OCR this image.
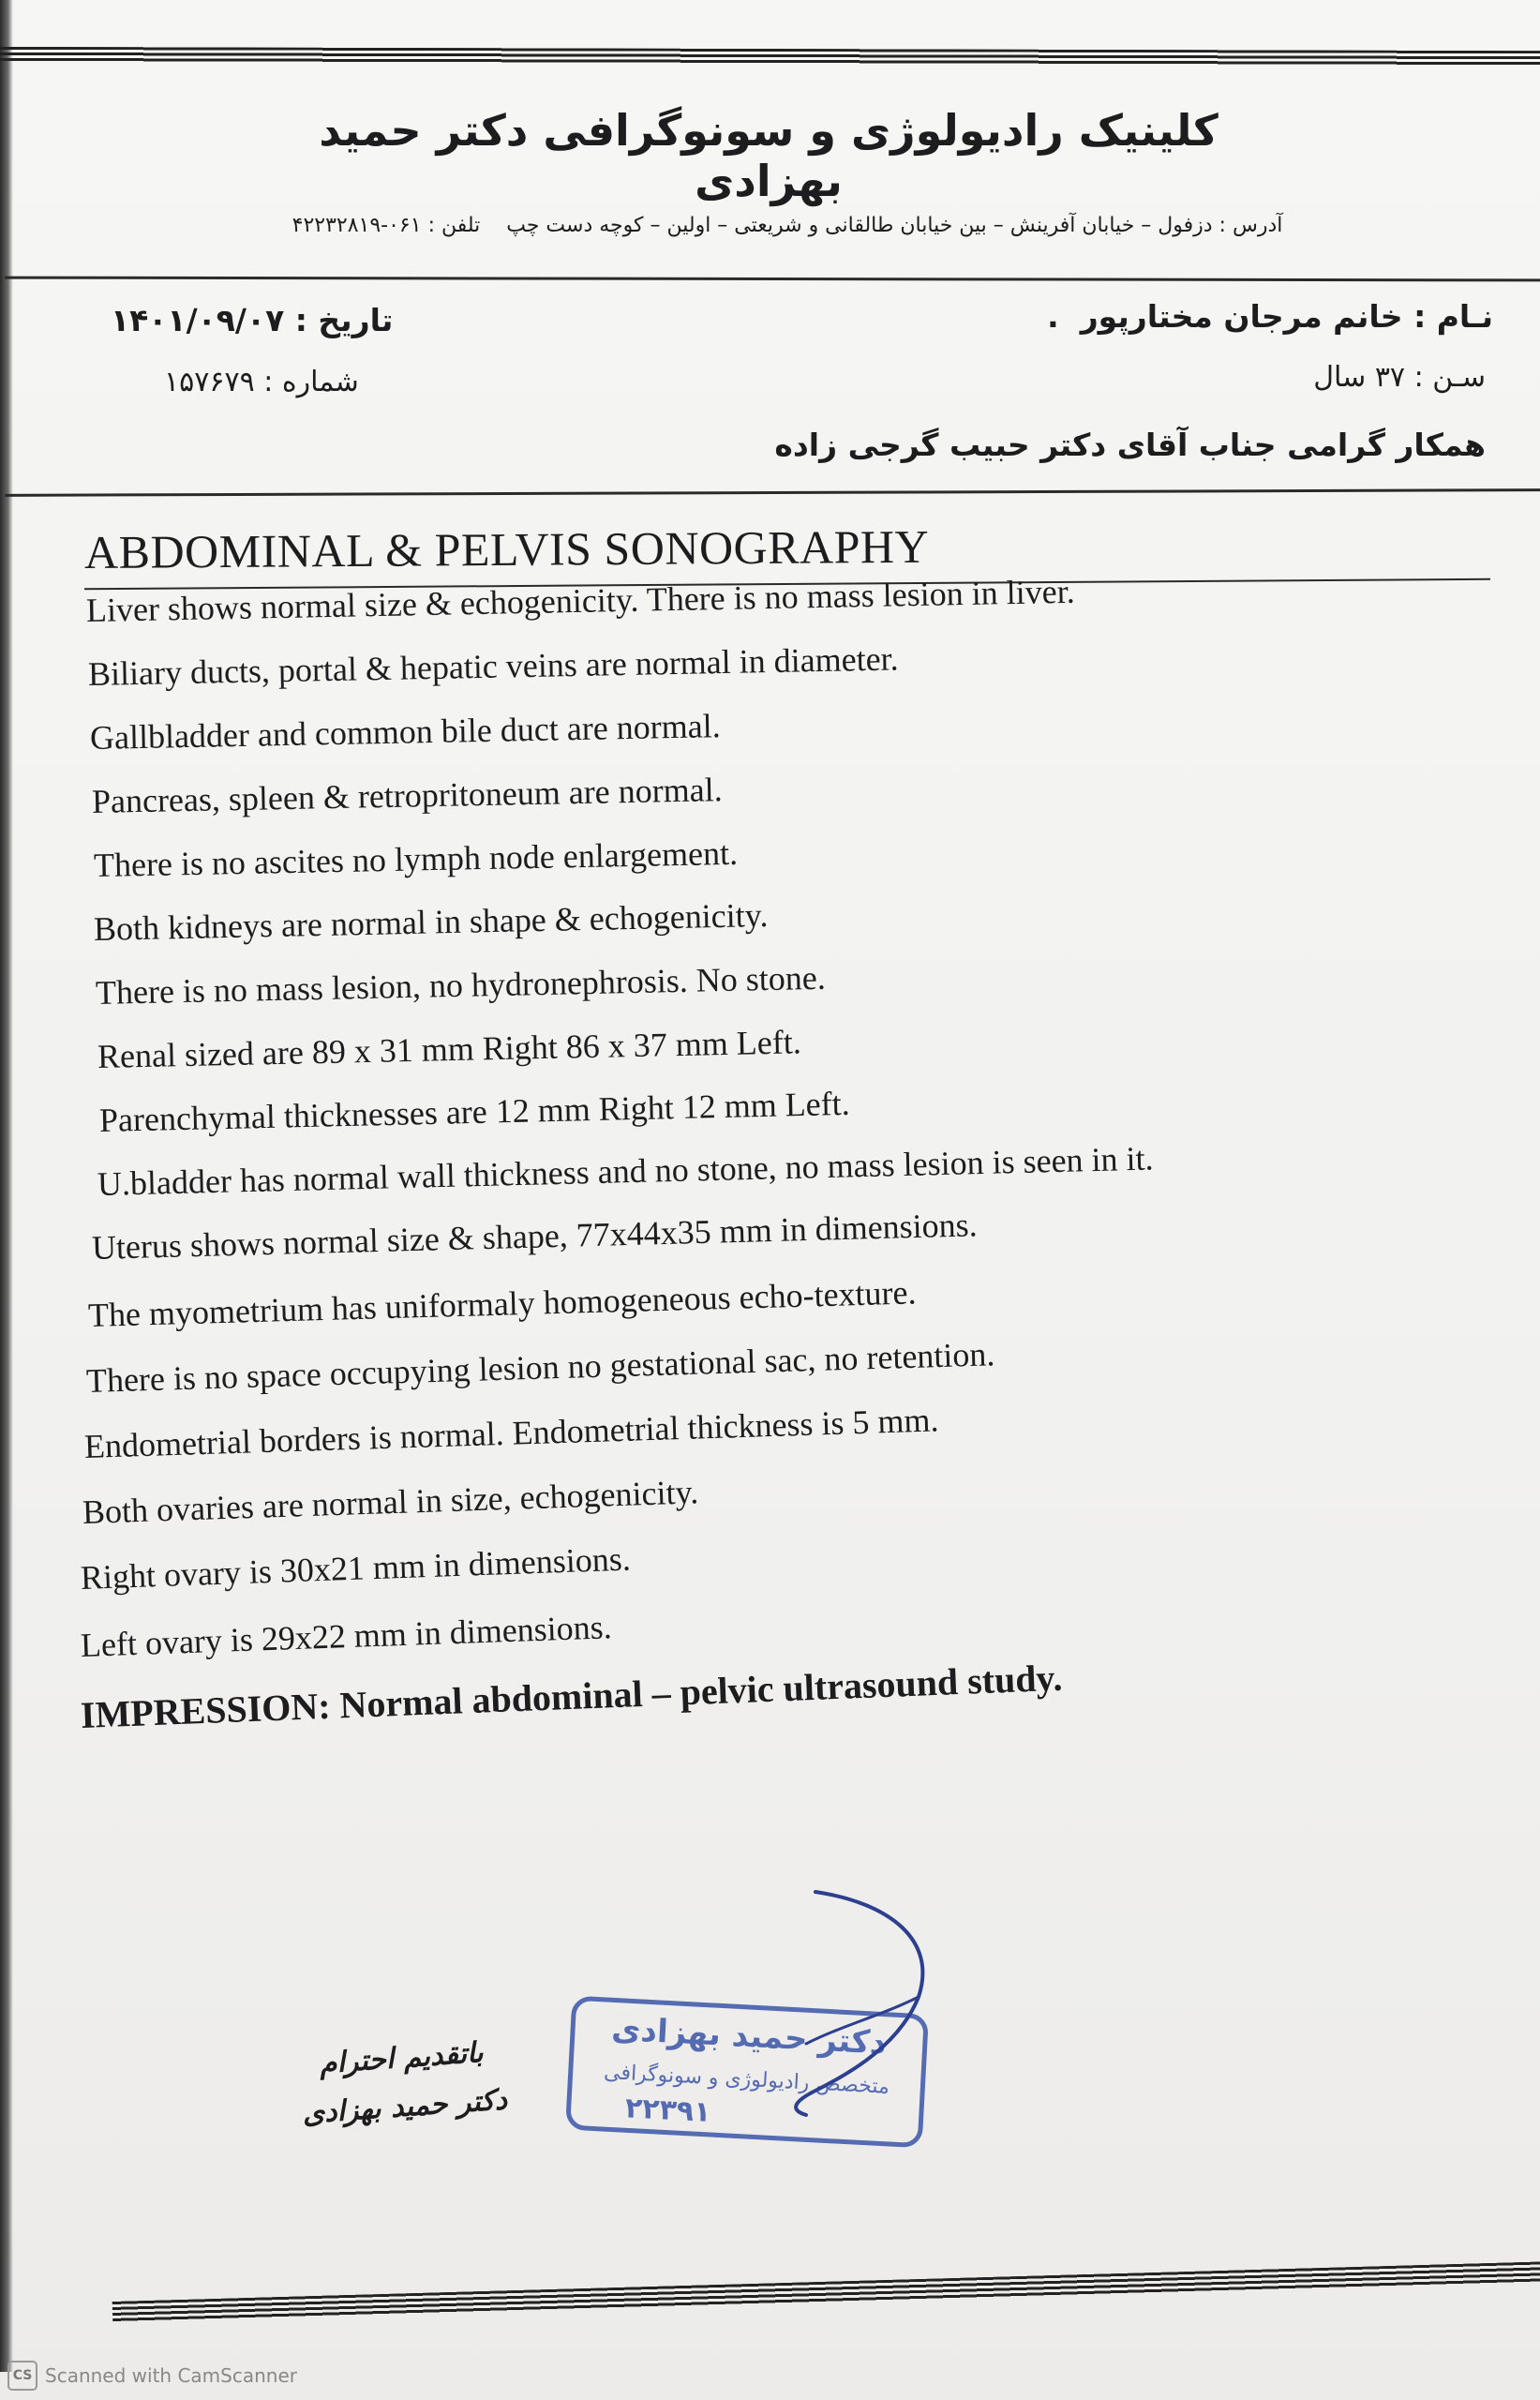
کلینیک رادیولوژی و سونوگرافی دکتر حمید بهزادی
آدرس : دزفول – خیابان آفرینش – بین خیابان طالقانی و شریعتی – اولین – کوچه دست چپ    تلفن : ۰۶۱-۴۲۲۳۲۸۱۹
نـام : خانم مرجان مختارپور  .
سـن : ۳۷ سال
همکار گرامی جناب آقای دکتر حبیب گرجی زاده
تاریخ : ۱۴۰۱/۰۹/۰۷
شماره : ۱۵۷۶۷۹
ABDOMINAL & PELVIS SONOGRAPHY
Liver shows normal size & echogenicity. There is no mass lesion in liver.
Biliary ducts, portal & hepatic veins are normal in diameter.
Gallbladder and common bile duct are normal.
Pancreas, spleen & retropritoneum are normal.
There is no ascites no lymph node enlargement.
Both kidneys are normal in shape & echogenicity.
There is no mass lesion, no hydronephrosis. No stone.
Renal sized are 89 x 31 mm Right 86 x 37 mm Left.
Parenchymal thicknesses are 12 mm Right 12 mm Left.
U.bladder has normal wall thickness and no stone, no mass lesion is seen in it.
Uterus shows normal size & shape, 77x44x35 mm in dimensions.
The myometrium has uniformaly homogeneous echo-texture.
There is no space occupying lesion no gestational sac, no retention.
Endometrial borders is normal. Endometrial thickness is 5 mm.
Both ovaries are normal in size, echogenicity.
Right ovary is 30x21 mm in dimensions.
Left ovary is 29x22 mm in dimensions.
IMPRESSION: Normal abdominal – pelvic ultrasound study.
باتقدیم احترام
دکتر حمید بهزادی
دکتر حمید بهزادی
متخصص رادیولوژی و سونوگرافی
۲۲۳۹۱
CS Scanned with CamScanner
